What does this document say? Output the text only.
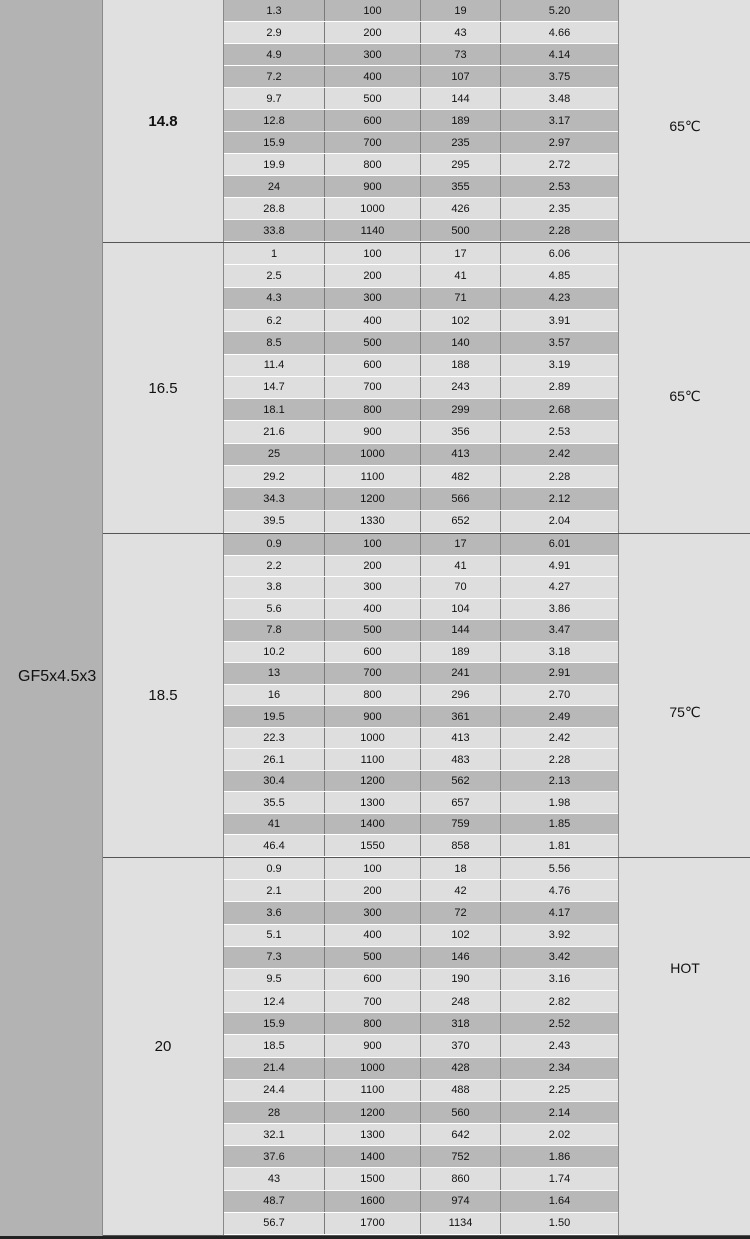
GF5x4.5x3
14.8
1.3	100	19	5.20
2.9	200	43	4.66
4.9	300	73	4.14
7.2	400	107	3.75
9.7	500	144	3.48
12.8	600	189	3.17
15.9	700	235	2.97
19.9	800	295	2.72
24	900	355	2.53
28.8	1000	426	2.35
33.8	1140	500	2.28
65℃
16.5
1	100	17	6.06
2.5	200	41	4.85
4.3	300	71	4.23
6.2	400	102	3.91
8.5	500	140	3.57
11.4	600	188	3.19
14.7	700	243	2.89
18.1	800	299	2.68
21.6	900	356	2.53
25	1000	413	2.42
29.2	1100	482	2.28
34.3	1200	566	2.12
39.5	1330	652	2.04
65℃
18.5
0.9	100	17	6.01
2.2	200	41	4.91
3.8	300	70	4.27
5.6	400	104	3.86
7.8	500	144	3.47
10.2	600	189	3.18
13	700	241	2.91
16	800	296	2.70
19.5	900	361	2.49
22.3	1000	413	2.42
26.1	1100	483	2.28
30.4	1200	562	2.13
35.5	1300	657	1.98
41	1400	759	1.85
46.4	1550	858	1.81
75℃
20
0.9	100	18	5.56
2.1	200	42	4.76
3.6	300	72	4.17
5.1	400	102	3.92
7.3	500	146	3.42
9.5	600	190	3.16
12.4	700	248	2.82
15.9	800	318	2.52
18.5	900	370	2.43
21.4	1000	428	2.34
24.4	1100	488	2.25
28	1200	560	2.14
32.1	1300	642	2.02
37.6	1400	752	1.86
43	1500	860	1.74
48.7	1600	974	1.64
56.7	1700	1134	1.50
HOT
